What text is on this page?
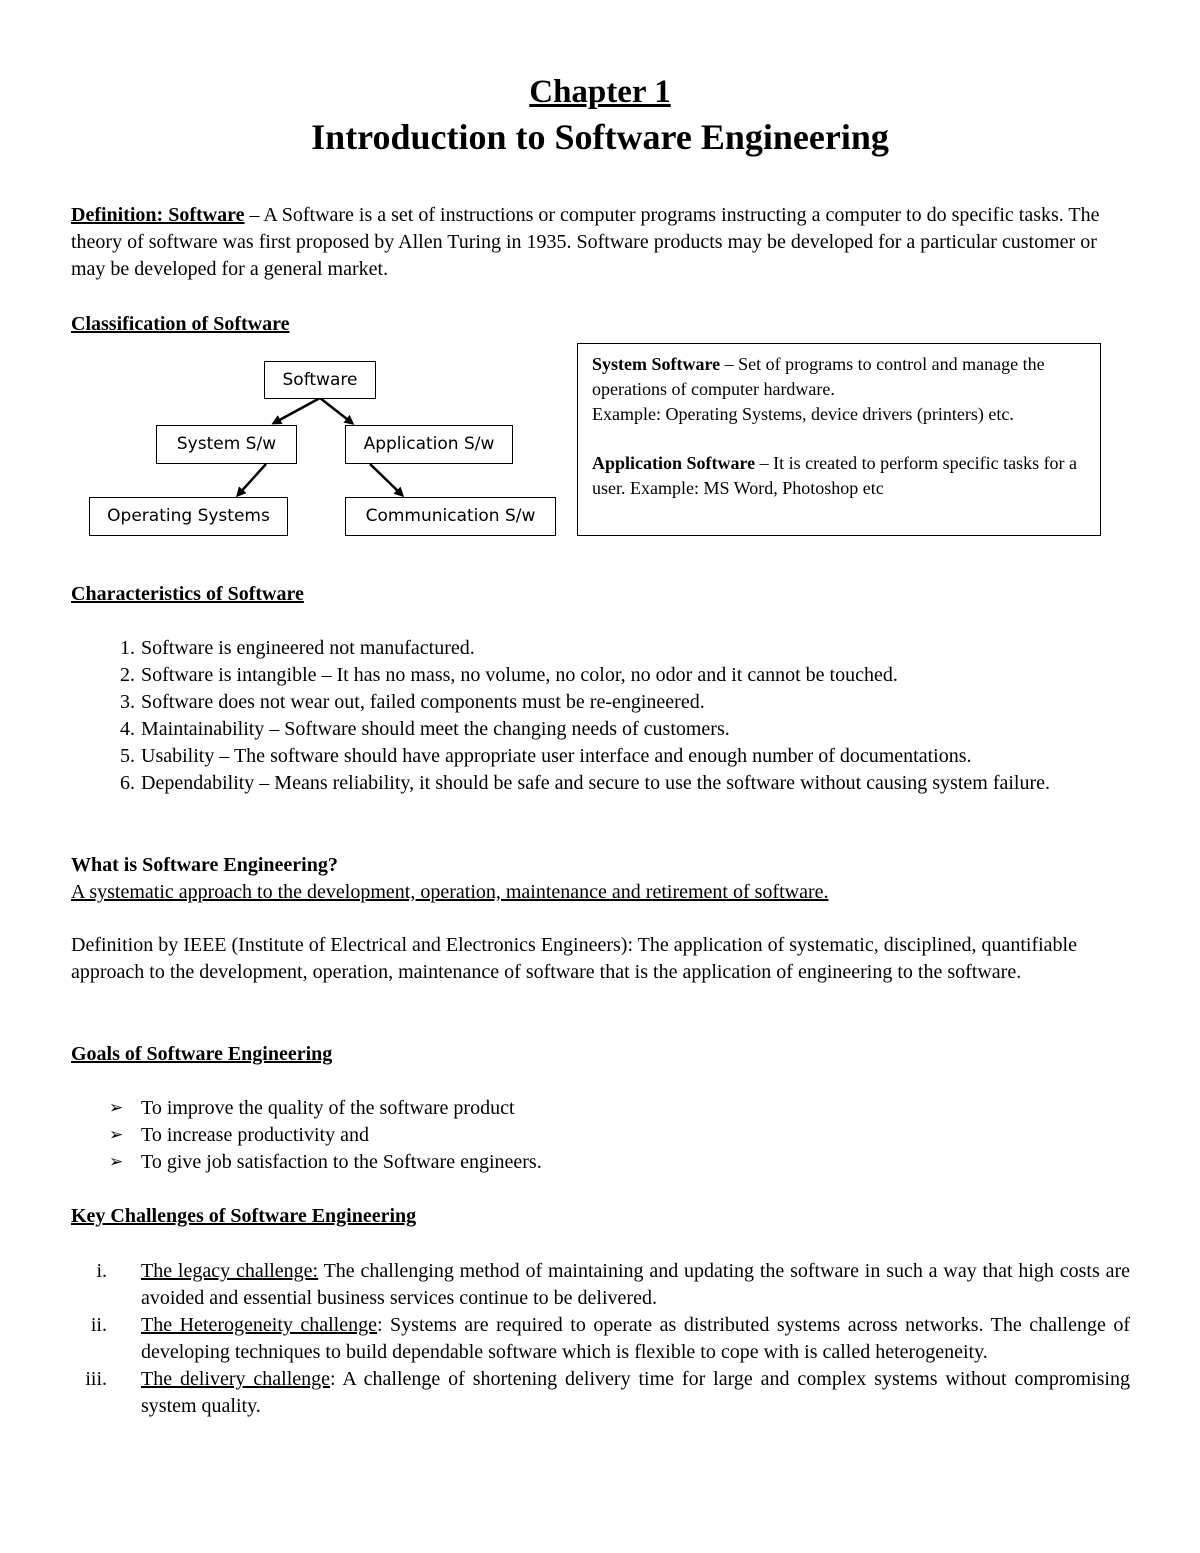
Chapter 1
Introduction to Software Engineering
Definition: Software – A Software is a set of instructions or computer programs instructing a computer to do specific tasks. The theory of software was first proposed by Allen Turing in 1935. Software products may be developed for a particular customer or may be developed for a general market.
Classification of Software
Software
System S/w	Application S/w
Operating Systems	Communication S/w
System Software – Set of programs to control and manage the operations of computer hardware.
Example: Operating Systems, device drivers (printers) etc.
Application Software – It is created to perform specific tasks for a user. Example: MS Word, Photoshop etc
Characteristics of Software
1. Software is engineered not manufactured.
2. Software is intangible – It has no mass, no volume, no color, no odor and it cannot be touched.
3. Software does not wear out, failed components must be re-engineered.
4. Maintainability – Software should meet the changing needs of customers.
5. Usability – The software should have appropriate user interface and enough number of documentations.
6. Dependability – Means reliability, it should be safe and secure to use the software without causing system failure.
What is Software Engineering?
A systematic approach to the development, operation, maintenance and retirement of software.
Definition by IEEE (Institute of Electrical and Electronics Engineers): The application of systematic, disciplined, quantifiable approach to the development, operation, maintenance of software that is the application of engineering to the software.
Goals of Software Engineering
➢ To improve the quality of the software product
➢ To increase productivity and
➢ To give job satisfaction to the Software engineers.
Key Challenges of Software Engineering
i. The legacy challenge: The challenging method of maintaining and updating the software in such a way that high costs are avoided and essential business services continue to be delivered.
ii. The Heterogeneity challenge: Systems are required to operate as distributed systems across networks. The challenge of developing techniques to build dependable software which is flexible to cope with is called heterogeneity.
iii. The delivery challenge: A challenge of shortening delivery time for large and complex systems without compromising system quality.
